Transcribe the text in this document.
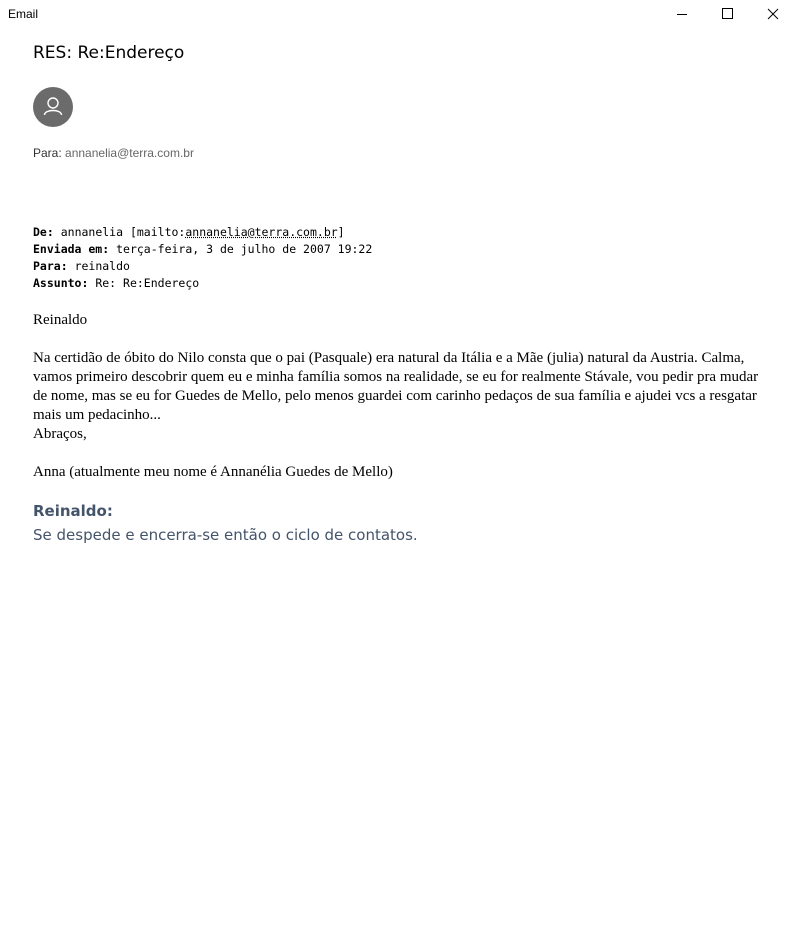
Email
RES: Re:Endereço
Para: annanelia@terra.com.br
De: annanelia [mailto:annanelia@terra.com.br]
Enviada em: terça-feira, 3 de julho de 2007 19:22
Para: reinaldo
Assunto: Re: Re:Endereço

Reinaldo

Na certidão de óbito do Nilo consta que o pai (Pasquale) era natural da Itália e a Mãe (julia) natural da Austria. Calma, vamos primeiro descobrir quem eu e minha família somos na realidade, se eu for realmente Stávale, vou pedir pra mudar de nome, mas se eu for Guedes de Mello, pelo menos guardei com carinho pedaços de sua família e ajudei vcs a resgatar mais um pedacinho...

Abraços,

Anna (atualmente meu nome é Annanélia Guedes de Mello)

Reinaldo:
Se despede e encerra-se então o ciclo de contatos.
